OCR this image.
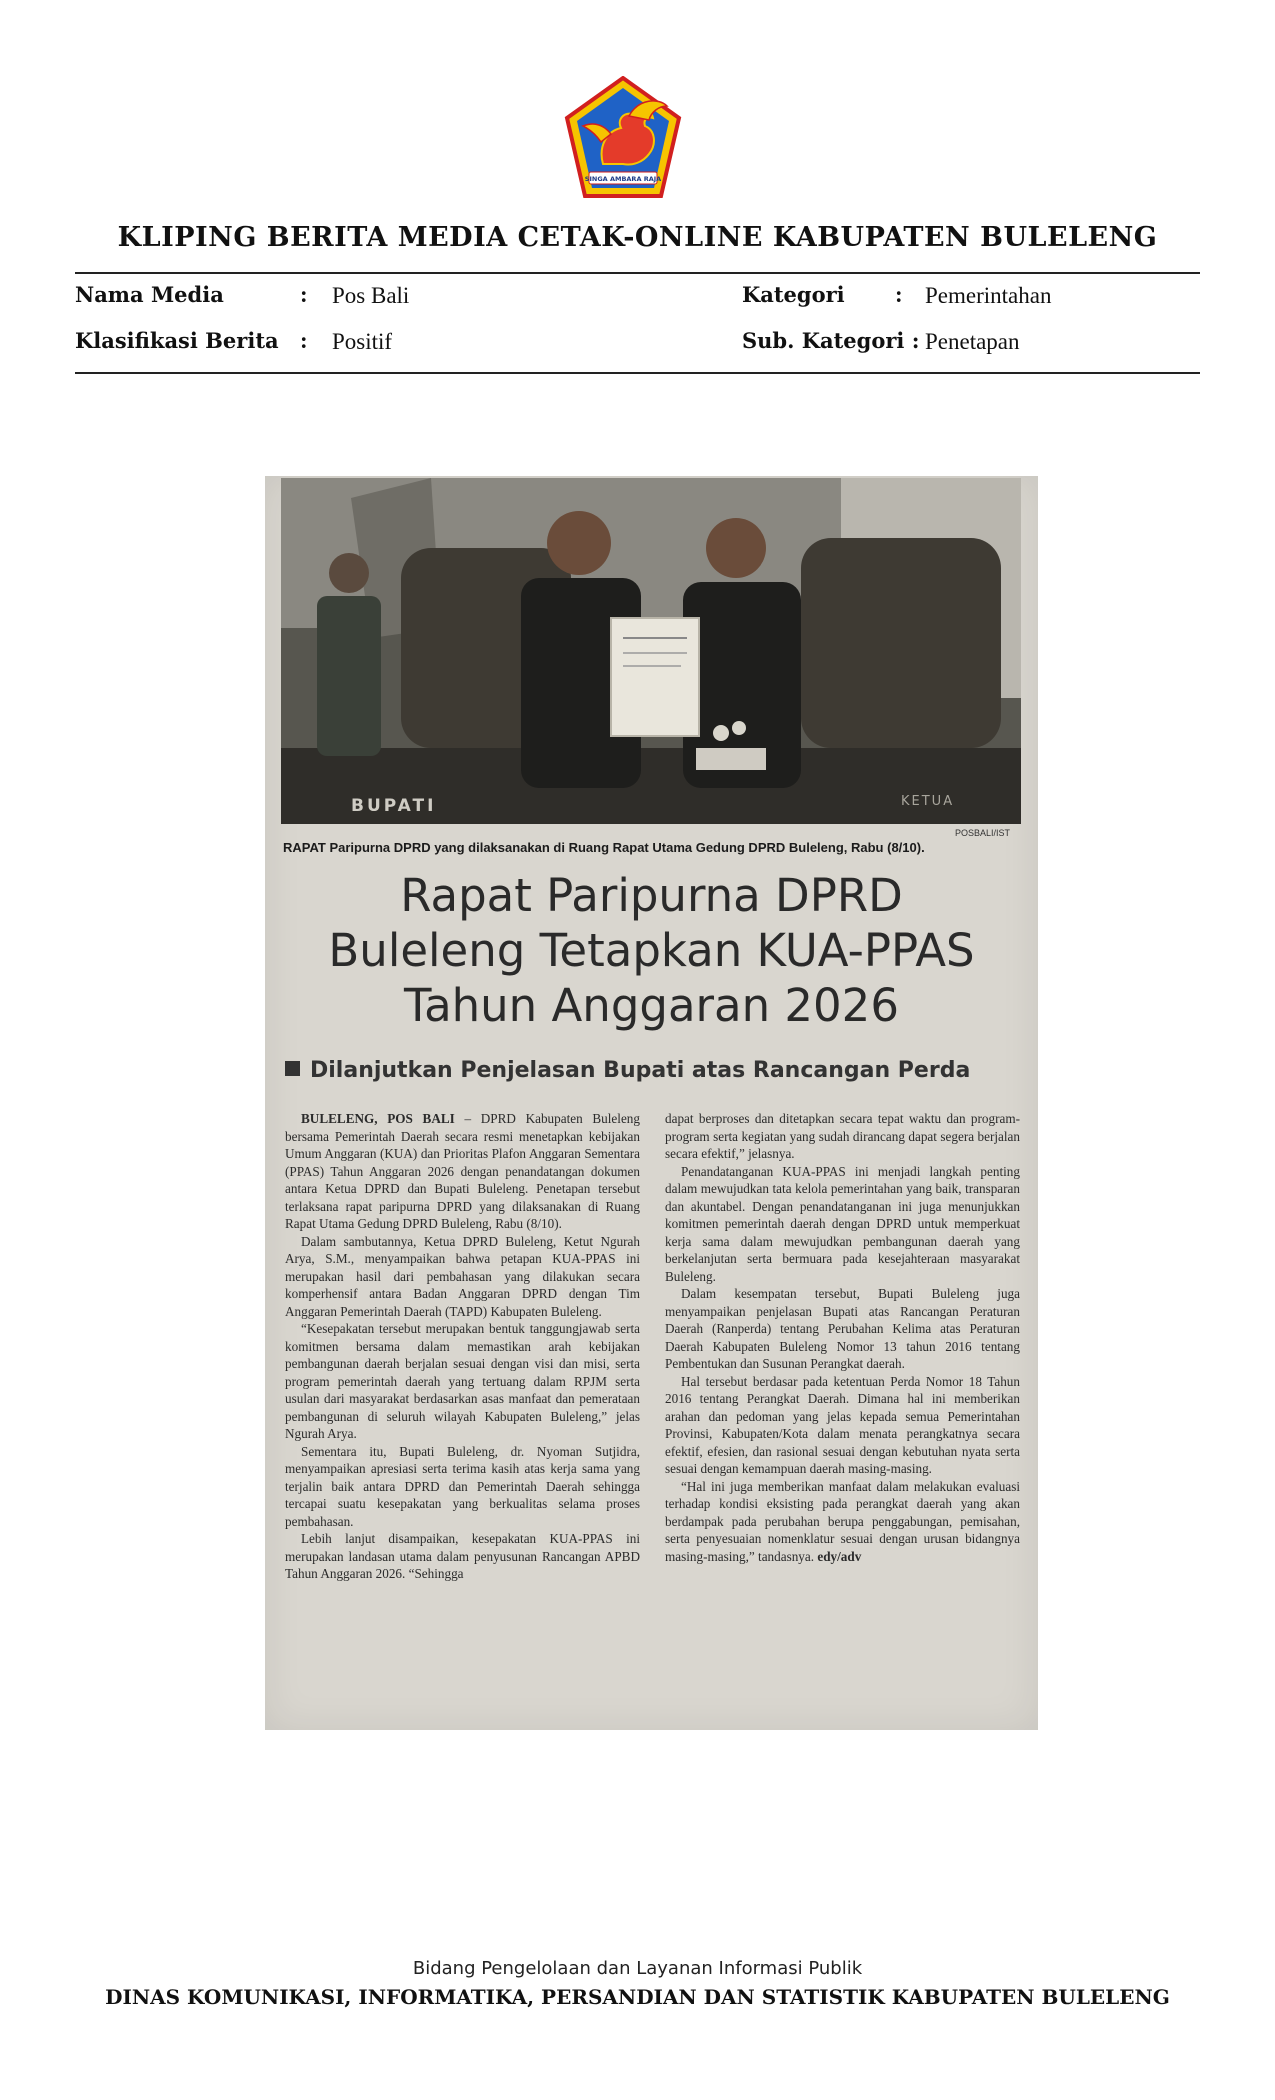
SINGA AMBARA RAJA
KLIPING BERITA MEDIA CETAK-ONLINE KABUPATEN BULELENG
Nama Media	: Pos Bali	Kategori : Pemerintahan
Klasifikasi Berita : Positif	Sub. Kategori : Penetapan
BUPATI	KETUA
POSBALI/IST
RAPAT Paripurna DPRD yang dilaksanakan di Ruang Rapat Utama Gedung DPRD Buleleng, Rabu (8/10).
Rapat Paripurna DPRD
Buleleng Tetapkan KUA-PPAS
Tahun Anggaran 2026
Dilanjutkan Penjelasan Bupati atas Rancangan Perda

BULELENG, POS BALI – DPRD Kabupaten Buleleng bersama Pemerintah Daerah secara resmi menetapkan kebijakan Umum Anggaran (KUA) dan Prioritas Plafon Anggaran Sementara (PPAS) Tahun Anggaran 2026 dengan penandatangan dokumen antara Ketua DPRD dan Bupati Buleleng. Penetapan tersebut terlaksana rapat paripurna DPRD yang dilaksanakan di Ruang Rapat Utama Gedung DPRD Buleleng, Rabu (8/10).

Dalam sambutannya, Ketua DPRD Buleleng, Ketut Ngurah Arya, S.M., menyampaikan bahwa petapan KUA-PPAS ini merupakan hasil dari pembahasan yang dilakukan secara komperhensif antara Badan Anggaran DPRD dengan Tim Anggaran Pemerintah Daerah (TAPD) Kabupaten Buleleng.

“Kesepakatan tersebut merupakan bentuk tanggungjawab serta komitmen bersama dalam memastikan arah kebijakan pembangunan daerah berjalan sesuai dengan visi dan misi, serta program pemerintah daerah yang tertuang dalam RPJM serta usulan dari masyarakat berdasarkan asas manfaat dan pemerataan pembangunan di seluruh wilayah Kabupaten Buleleng,” jelas Ngurah Arya.

Sementara itu, Bupati Buleleng, dr. Nyoman Sutjidra, menyampaikan apresiasi serta terima kasih atas kerja sama yang terjalin baik antara DPRD dan Pemerintah Daerah sehingga tercapai suatu kesepakatan yang berkualitas selama proses pembahasan.

Lebih lanjut disampaikan, kesepakatan KUA-PPAS ini merupakan landasan utama dalam penyusunan Rancangan APBD Tahun Anggaran 2026. “Sehingga

dapat berproses dan ditetapkan secara tepat waktu dan program-program serta kegiatan yang sudah dirancang dapat segera berjalan secara efektif,” jelasnya.

Penandatanganan KUA-PPAS ini menjadi langkah penting dalam mewujudkan tata kelola pemerintahan yang baik, transparan dan akuntabel. Dengan penandatanganan ini juga menunjukkan komitmen pemerintah daerah dengan DPRD untuk memperkuat kerja sama dalam mewujudkan pembangunan daerah yang berkelanjutan serta bermuara pada kesejahteraan masyarakat Buleleng.

Dalam kesempatan tersebut, Bupati Buleleng juga menyampaikan penjelasan Bupati atas Rancangan Peraturan Daerah (Ranperda) tentang Perubahan Kelima atas Peraturan Daerah Kabupaten Buleleng Nomor 13 tahun 2016 tentang Pembentukan dan Susunan Perangkat daerah.

Hal tersebut berdasar pada ketentuan Perda Nomor 18 Tahun 2016 tentang Perangkat Daerah. Dimana hal ini memberikan arahan dan pedoman yang jelas kepada semua Pemerintahan Provinsi, Kabupaten/Kota dalam menata perangkatnya secara efektif, efesien, dan rasional sesuai dengan kebutuhan nyata serta sesuai dengan kemampuan daerah masing-masing.

“Hal ini juga memberikan manfaat dalam melakukan evaluasi terhadap kondisi eksisting pada perangkat daerah yang akan berdampak pada perubahan berupa penggabungan, pemisahan, serta penyesuaian nomenklatur sesuai dengan urusan bidangnya masing-masing,” tandasnya. edy/adv

Bidang Pengelolaan dan Layanan Informasi Publik
DINAS KOMUNIKASI, INFORMATIKA, PERSANDIAN DAN STATISTIK KABUPATEN BULELENG
